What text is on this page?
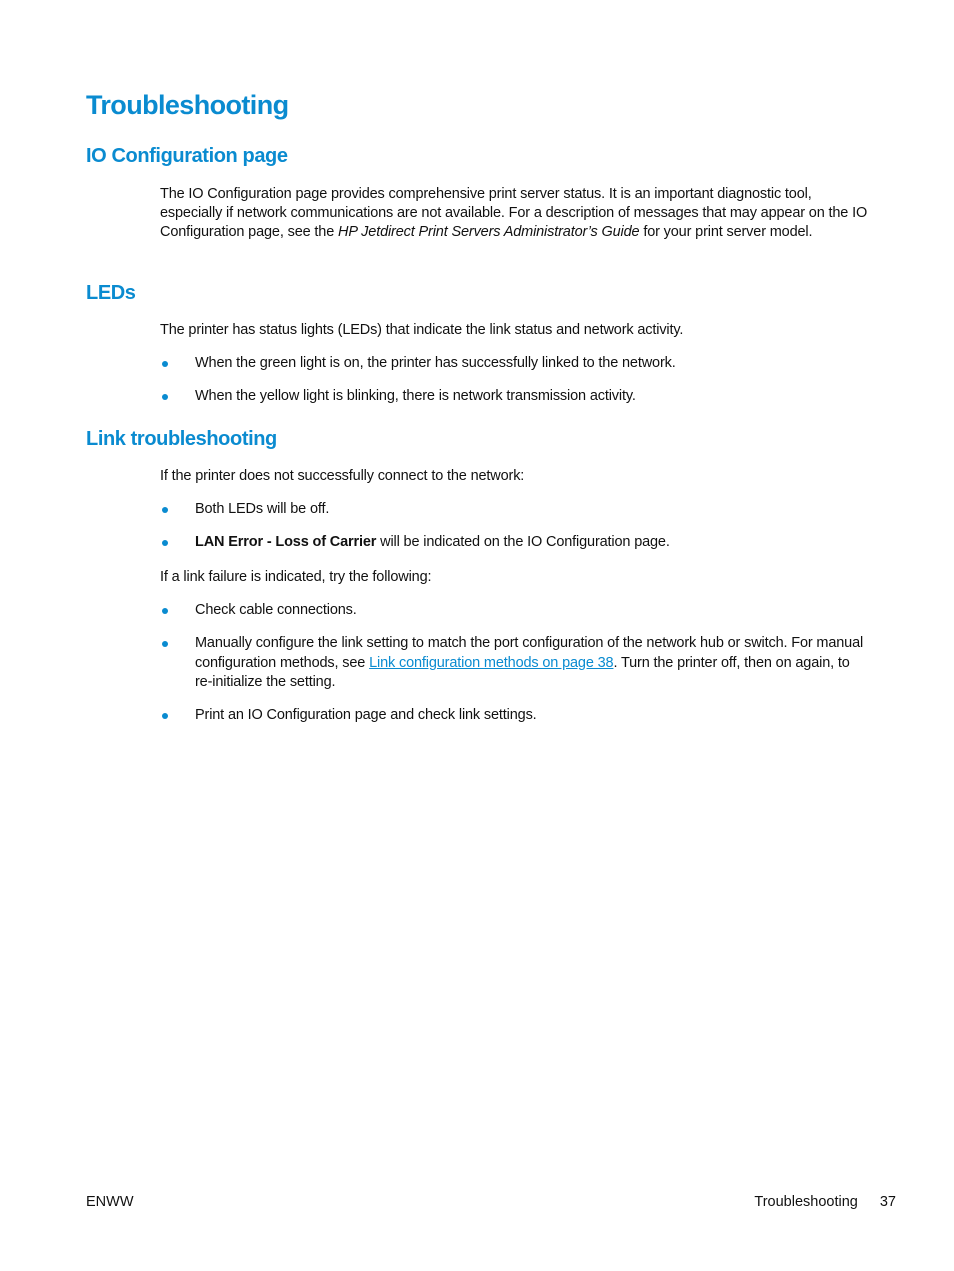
Troubleshooting
IO Configuration page

The IO Configuration page provides comprehensive print server status. It is an important diagnostic tool, especially if network communications are not available. For a description of messages that may appear on the IO Configuration page, see the HP Jetdirect Print Servers Administrator’s Guide for your print server model.

LEDs

The printer has status lights (LEDs) that indicate the link status and network activity.

When the green light is on, the printer has successfully linked to the network.
When the yellow light is blinking, there is network transmission activity.
Link troubleshooting

If the printer does not successfully connect to the network:

Both LEDs will be off.
LAN Error - Loss of Carrier will be indicated on the IO Configuration page.

If a link failure is indicated, try the following:

Check cable connections.
Manually configure the link setting to match the port configuration of the network hub or switch. For manual configuration methods, see Link configuration methods on page 38. Turn the printer off, then on again, to re-initialize the setting.
Print an IO Configuration page and check link settings.
ENWW	Troubleshooting 37
